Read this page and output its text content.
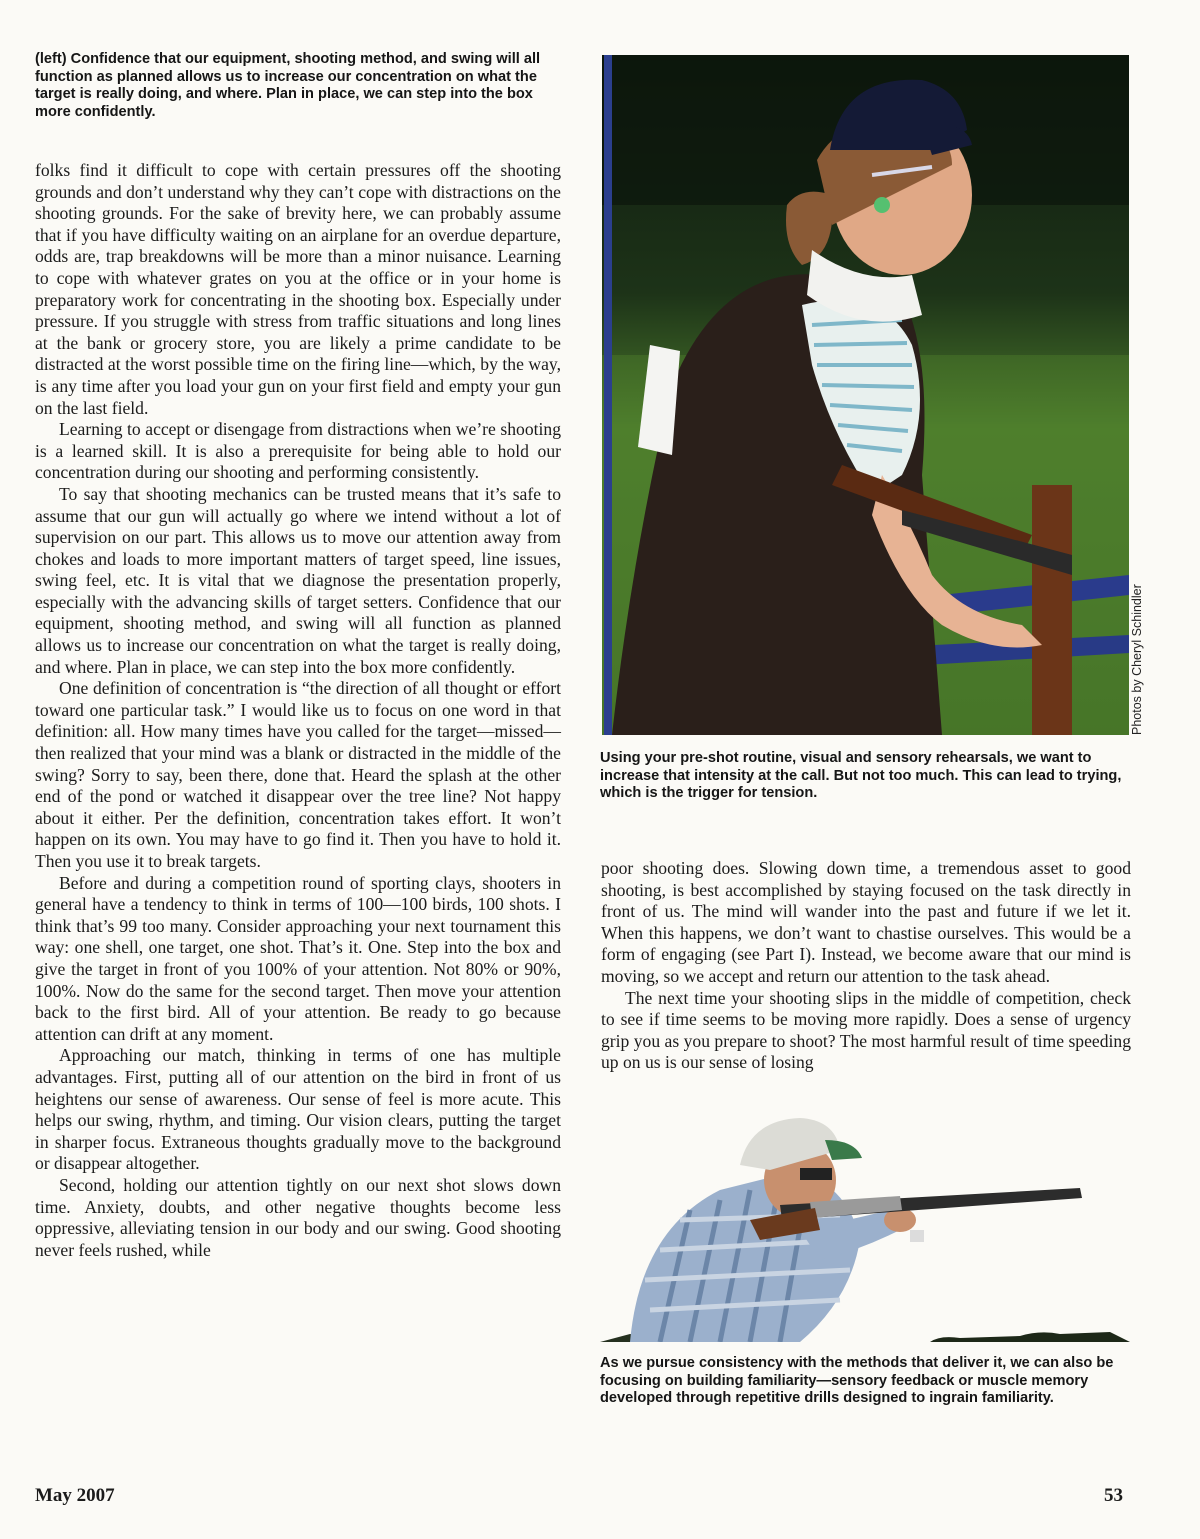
(left) Confidence that our equipment, shooting method, and swing will all function as planned allows us to increase our concentration on what the target is really doing, and where. Plan in place, we can step into the box more confidently.

folks find it difficult to cope with certain pressures off the shooting grounds and don’t understand why they can’t cope with distractions on the shooting grounds. For the sake of brevity here, we can probably assume that if you have difficulty waiting on an airplane for an overdue departure, odds are, trap breakdowns will be more than a minor nuisance. Learning to cope with whatever grates on you at the office or in your home is preparatory work for concentrating in the shooting box. Especially under pressure. If you struggle with stress from traffic situations and long lines at the bank or grocery store, you are likely a prime candidate to be distracted at the worst possible time on the firing line—which, by the way, is any time after you load your gun on your first field and empty your gun on the last field.

Learning to accept or disengage from distractions when we’re shooting is a learned skill. It is also a prerequisite for being able to hold our concentration during our shooting and performing consistently.

To say that shooting mechanics can be trusted means that it’s safe to assume that our gun will actually go where we intend without a lot of supervision on our part. This allows us to move our attention away from chokes and loads to more important matters of target speed, line issues, swing feel, etc. It is vital that we diagnose the presentation properly, especially with the advancing skills of target setters. Confidence that our equipment, shooting method, and swing will all function as planned allows us to increase our concentration on what the target is really doing, and where. Plan in place, we can step into the box more confidently.

One definition of concentration is “the direction of all thought or effort toward one particular task.” I would like us to focus on one word in that definition: all. How many times have you called for the target—missed—then realized that your mind was a blank or distracted in the middle of the swing? Sorry to say, been there, done that. Heard the splash at the other end of the pond or watched it disappear over the tree line? Not happy about it either. Per the definition, concentration takes effort. It won’t happen on its own. You may have to go find it. Then you have to hold it. Then you use it to break targets.

Before and during a competition round of sporting clays, shooters in general have a tendency to think in terms of 100—100 birds, 100 shots. I think that’s 99 too many. Consider approaching your next tournament this way: one shell, one target, one shot. That’s it. One. Step into the box and give the target in front of you 100% of your attention. Not 80% or 90%, 100%. Now do the same for the second target. Then move your attention back to the first bird. All of your attention. Be ready to go because attention can drift at any moment.

Approaching our match, thinking in terms of one has multiple advantages. First, putting all of our attention on the bird in front of us heightens our sense of awareness. Our sense of feel is more acute. This helps our swing, rhythm, and timing. Our vision clears, putting the target in sharper focus. Extraneous thoughts gradually move to the background or disappear altogether.

Second, holding our attention tightly on our next shot slows down time. Anxiety, doubts, and other negative thoughts become less oppressive, alleviating tension in our body and our swing. Good shooting never feels rushed, while

Photos by Cheryl Schindler
Using your pre-shot routine, visual and sensory rehearsals, we want to increase that intensity at the call. But not too much. This can lead to trying, which is the trigger for tension.

poor shooting does. Slowing down time, a tremendous asset to good shooting, is best accomplished by staying focused on the task directly in front of us. The mind will wander into the past and future if we let it. When this happens, we don’t want to chastise ourselves. This would be a form of engaging (see Part I). Instead, we become aware that our mind is moving, so we accept and return our attention to the task ahead.

The next time your shooting slips in the middle of competition, check to see if time seems to be moving more rapidly. Does a sense of urgency grip you as you prepare to shoot? The most harmful result of time speeding up on us is our sense of losing

As we pursue consistency with the methods that deliver it, we can also be focusing on building familiarity—sensory feedback or muscle memory developed through repetitive drills designed to ingrain familiarity.
May 2007	53
